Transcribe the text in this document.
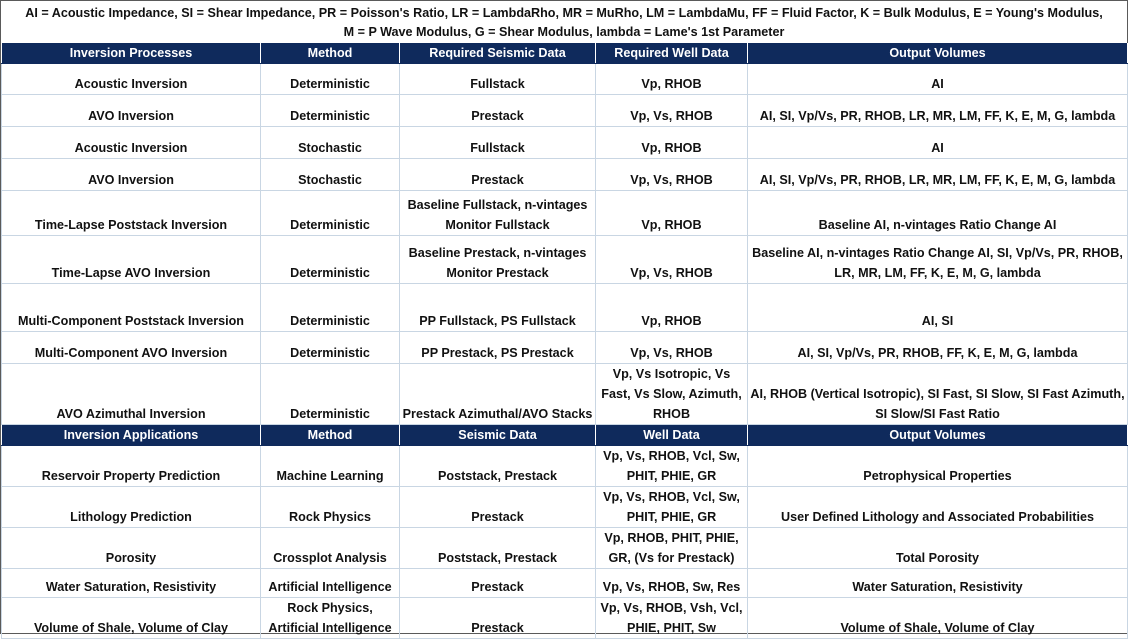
AI = Acoustic Impedance, SI = Shear Impedance, PR = Poisson's Ratio, LR = LambdaRho, MR = MuRho, LM = LambdaMu, FF = Fluid Factor, K = Bulk Modulus, E = Young's Modulus,
M = P Wave Modulus, G = Shear Modulus, lambda = Lame's 1st Parameter
Inversion Processes	Method	Required Seismic Data	Required Well Data	Output Volumes
Acoustic Inversion	Deterministic	Fullstack	Vp, RHOB	AI
AVO Inversion	Deterministic	Prestack	Vp, Vs, RHOB	AI, SI, Vp/Vs, PR, RHOB, LR, MR, LM, FF, K, E, M, G, lambda
Acoustic Inversion	Stochastic	Fullstack	Vp, RHOB	AI
AVO Inversion	Stochastic	Prestack	Vp, Vs, RHOB	AI, SI, Vp/Vs, PR, RHOB, LR, MR, LM, FF, K, E, M, G, lambda
Time-Lapse Poststack Inversion	Deterministic	Baseline Fullstack, n-vintages Monitor Fullstack	Vp, RHOB	Baseline AI, n-vintages Ratio Change AI
Time-Lapse AVO Inversion	Deterministic	Baseline Prestack, n-vintages Monitor Prestack	Vp, Vs, RHOB	Baseline AI, n-vintages Ratio Change AI, SI, Vp/Vs, PR, RHOB, LR, MR, LM, FF, K, E, M, G, lambda
Multi-Component Poststack Inversion	Deterministic	PP Fullstack, PS Fullstack	Vp, RHOB	AI, SI
Multi-Component AVO Inversion	Deterministic	PP Prestack, PS Prestack	Vp, Vs, RHOB	AI, SI, Vp/Vs, PR, RHOB, FF, K, E, M, G, lambda
AVO Azimuthal Inversion	Deterministic	Prestack Azimuthal/AVO Stacks	Vp, Vs Isotropic, Vs Fast, Vs Slow, Azimuth, RHOB	AI, RHOB (Vertical Isotropic), SI Fast, SI Slow, SI Fast Azimuth, SI Slow/SI Fast Ratio
Inversion Applications	Method	Seismic Data	Well Data	Output Volumes
Reservoir Property Prediction	Machine Learning	Poststack, Prestack	Vp, Vs, RHOB, Vcl, Sw, PHIT, PHIE, GR	Petrophysical Properties
Lithology Prediction	Rock Physics	Prestack	Vp, Vs, RHOB, Vcl, Sw, PHIT, PHIE, GR	User Defined Lithology and Associated Probabilities
Porosity	Crossplot Analysis	Poststack, Prestack	Vp, RHOB, PHIT, PHIE, GR, (Vs for Prestack)	Total Porosity
Water Saturation, Resistivity	Artificial Intelligence	Prestack	Vp, Vs, RHOB, Sw, Res	Water Saturation, Resistivity
Volume of Shale, Volume of Clay	Rock Physics, Artificial Intelligence	Prestack	Vp, Vs, RHOB, Vsh, Vcl, PHIE, PHIT, Sw	Volume of Shale, Volume of Clay
